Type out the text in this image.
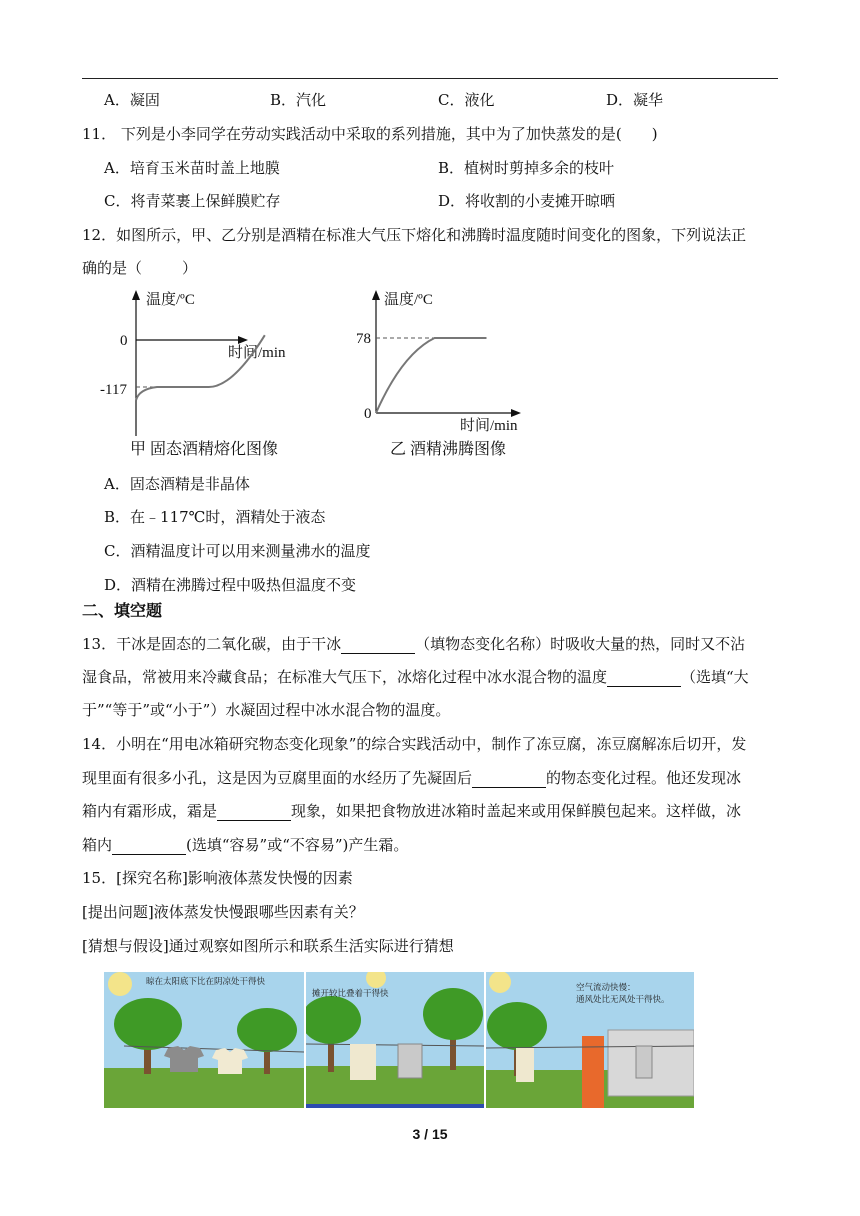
A．凝固	B．汽化	C．液化	D．凝华
11． 下列是小李同学在劳动实践活动中采取的系列措施，其中为了加快蒸发的是( )
A．培育玉米苗时盖上地膜	B．植树时剪掉多余的枝叶
C．将青菜裹上保鲜膜贮存	D．将收割的小麦摊开晾晒
12．如图所示，甲、乙分别是酒精在标准大气压下熔化和沸腾时温度随时间变化的图象，下列说法正
确的是（	）
温度/ºC
0
-117
时间/min
甲 固态酒精熔化图像
温度/ºC
78
0
时间/min
乙 酒精沸腾图像
A．固态酒精是非晶体
B．在﹣117℃时，酒精处于液态
C．酒精温度计可以用来测量沸水的温度
D．酒精在沸腾过程中吸热但温度不变
二、填空题
13．干冰是固态的二氧化碳，由于干冰	（填物态变化名称）时吸收大量的热，同时又不沾
湿食品，常被用来冷藏食品；在标准大气压下，冰熔化过程中冰水混合物的温度	（选填“大
于”“等于”或“小于”）水凝固过程中冰水混合物的温度。
14．小明在“用电冰箱研究物态变化现象”的综合实践活动中，制作了冻豆腐，冻豆腐解冻后切开，发
现里面有很多小孔，这是因为豆腐里面的水经历了先凝固后	的物态变化过程。他还发现冰
箱内有霜形成，霜是	现象，如果把食物放进冰箱时盖起来或用保鲜膜包起来。这样做，冰
箱内	(选填“容易”或“不容易”)产生霜。
15．[探究名称]影响液体蒸发快慢的因素
[提出问题]液体蒸发快慢跟哪些因素有关？
[猜想与假设]通过观察如图所示和联系生活实际进行猜想
晾在太阳底下比在阴凉处干得快
摊开较比叠着干得快
空气流动快慢：
通风处比无风处干得快。
3 / 15
